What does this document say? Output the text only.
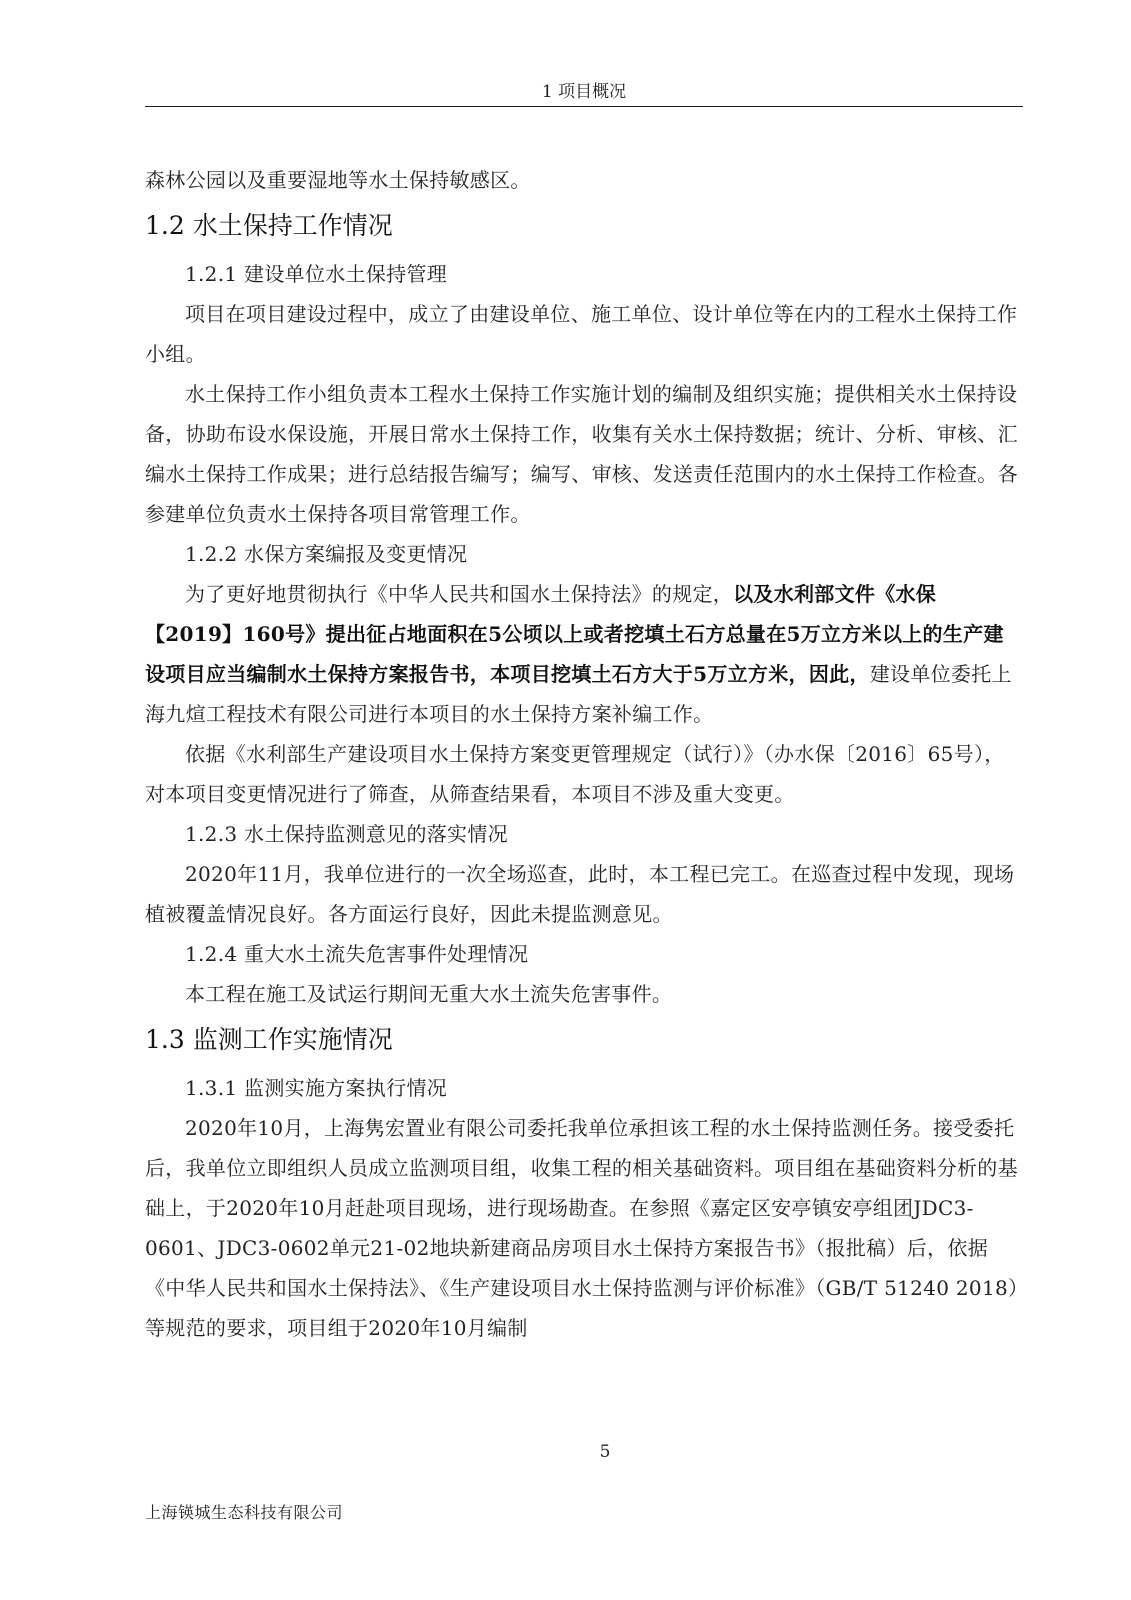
1 项目概况

森林公园以及重要湿地等水土保持敏感区。

1.2 水土保持工作情况
1.2.1 建设单位水土保持管理

项目在项目建设过程中，成立了由建设单位、施工单位、设计单位等在内的工程水土保持工作小组。

水土保持工作小组负责本工程水土保持工作实施计划的编制及组织实施；提供相关水土保持设备，协助布设水保设施，开展日常水土保持工作，收集有关水土保持数据；统计、分析、审核、汇编水土保持工作成果；进行总结报告编写；编写、审核、发送责任范围内的水土保持工作检查。各参建单位负责水土保持各项目常管理工作。

1.2.2 水保方案编报及变更情况

为了更好地贯彻执行《中华人民共和国水土保持法》的规定，以及水利部文件《水保【2019】160号》提出征占地面积在5公顷以上或者挖填土石方总量在5万立方米以上的生产建设项目应当编制水土保持方案报告书，本项目挖填土石方大于5万立方米，因此，建设单位委托上海九煊工程技术有限公司进行本项目的水土保持方案补编工作。

依据《水利部生产建设项目水土保持方案变更管理规定（试行）》（办水保〔2016〕65号），对本项目变更情况进行了筛查，从筛查结果看，本项目不涉及重大变更。

1.2.3 水土保持监测意见的落实情况

2020年11月，我单位进行的一次全场巡查，此时，本工程已完工。在巡查过程中发现，现场植被覆盖情况良好。各方面运行良好，因此未提监测意见。

1.2.4 重大水土流失危害事件处理情况

本工程在施工及试运行期间无重大水土流失危害事件。

1.3 监测工作实施情况
1.3.1 监测实施方案执行情况

2020年10月，上海隽宏置业有限公司委托我单位承担该工程的水土保持监测任务。接受委托后，我单位立即组织人员成立监测项目组，收集工程的相关基础资料。项目组在基础资料分析的基础上，于2020年10月赶赴项目现场，进行现场勘查。在参照《嘉定区安亭镇安亭组团JDC3-0601、JDC3-0602单元21-02地块新建商品房项目水土保持方案报告书》（报批稿）后，依据《中华人民共和国水土保持法》、《生产建设项目水土保持监测与评价标准》（GB/T 51240 2018）等规范的要求，项目组于2020年10月编制

5
上海锳城生态科技有限公司
